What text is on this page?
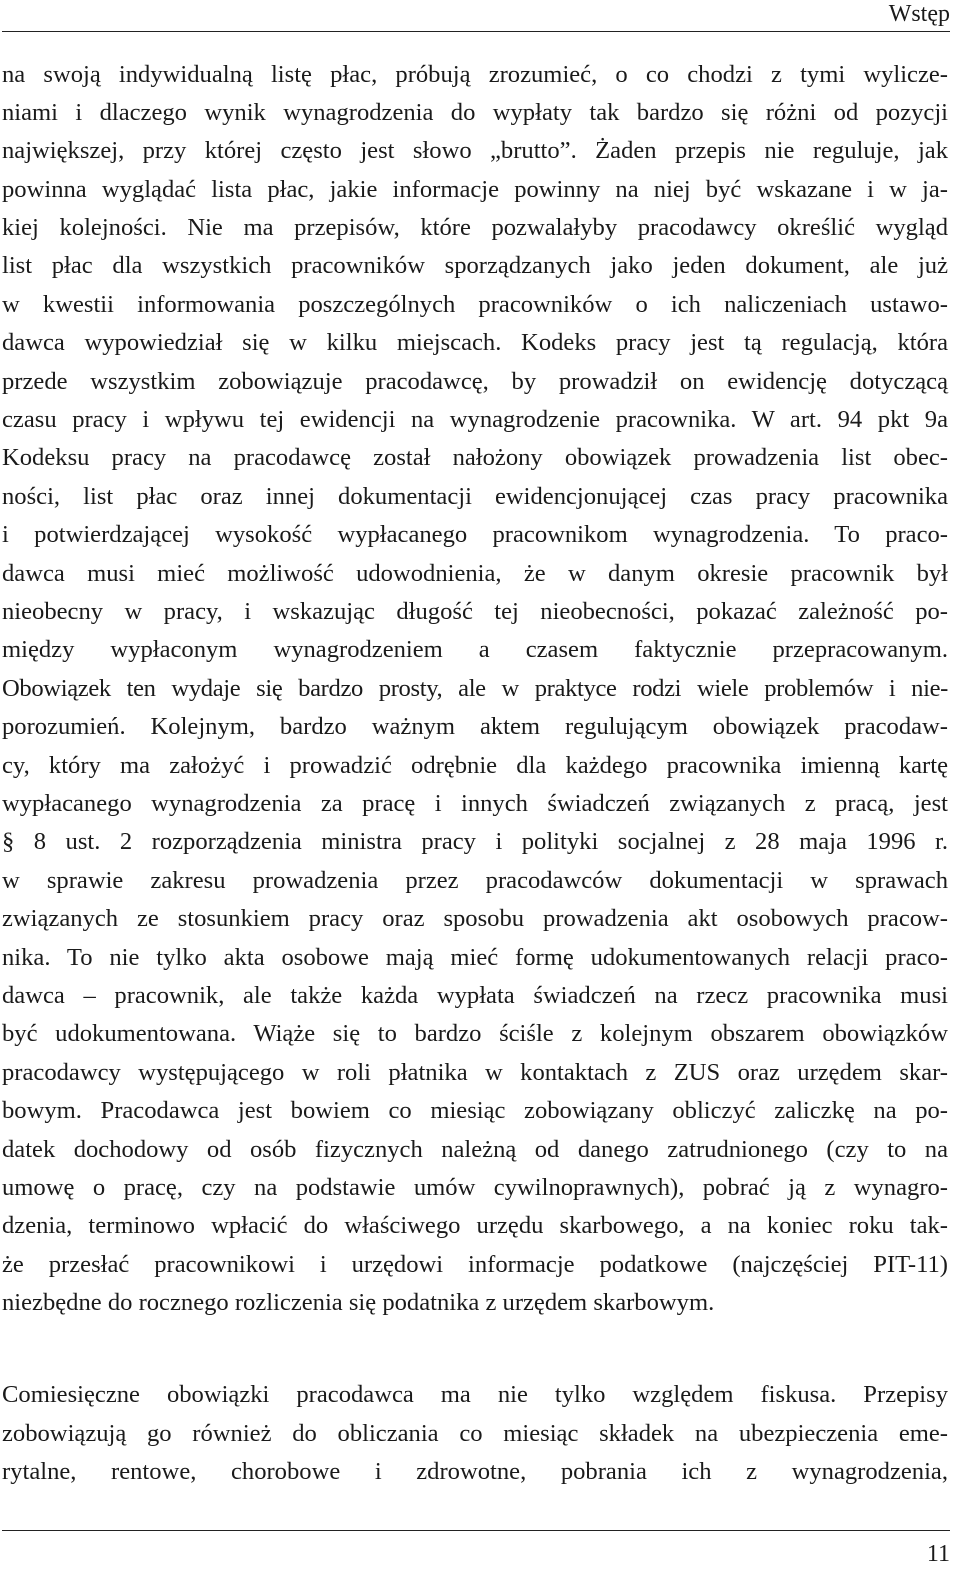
Wstęp
na swoją indywidualną listę płac, próbują zrozumieć, o co chodzi z tymi wylicze-
niami i dlaczego wynik wynagrodzenia do wypłaty tak bardzo się różni od pozycji
największej, przy której często jest słowo „brutto”. Żaden przepis nie reguluje, jak
powinna wyglądać lista płac, jakie informacje powinny na niej być wskazane i w ja-
kiej kolejności. Nie ma przepisów, które pozwalałyby pracodawcy określić wygląd
list płac dla wszystkich pracowników sporządzanych jako jeden dokument, ale już
w kwestii informowania poszczególnych pracowników o ich naliczeniach ustawo-
dawca wypowiedział się w kilku miejscach. Kodeks pracy jest tą regulacją, która
przede wszystkim zobowiązuje pracodawcę, by prowadził on ewidencję dotyczącą
czasu pracy i wpływu tej ewidencji na wynagrodzenie pracownika. W art. 94 pkt 9a
Kodeksu pracy na pracodawcę został nałożony obowiązek prowadzenia list obec-
ności, list płac oraz innej dokumentacji ewidencjonującej czas pracy pracownika
i potwierdzającej wysokość wypłacanego pracownikom wynagrodzenia. To praco-
dawca musi mieć możliwość udowodnienia, że w danym okresie pracownik był
nieobecny w pracy, i wskazując długość tej nieobecności, pokazać zależność po-
między wypłaconym wynagrodzeniem a czasem faktycznie przepracowanym.
Obowiązek ten wydaje się bardzo prosty, ale w praktyce rodzi wiele problemów i nie-
porozumień. Kolejnym, bardzo ważnym aktem regulującym obowiązek pracodaw-
cy, który ma założyć i prowadzić odrębnie dla każdego pracownika imienną kartę
wypłacanego wynagrodzenia za pracę i innych świadczeń związanych z pracą, jest
§ 8 ust. 2 rozporządzenia ministra pracy i polityki socjalnej z 28 maja 1996 r.
w sprawie zakresu prowadzenia przez pracodawców dokumentacji w sprawach
związanych ze stosunkiem pracy oraz sposobu prowadzenia akt osobowych pracow-
nika. To nie tylko akta osobowe mają mieć formę udokumentowanych relacji praco-
dawca – pracownik, ale także każda wypłata świadczeń na rzecz pracownika musi
być udokumentowana. Wiąże się to bardzo ściśle z kolejnym obszarem obowiązków
pracodawcy występującego w roli płatnika w kontaktach z ZUS oraz urzędem skar-
bowym. Pracodawca jest bowiem co miesiąc zobowiązany obliczyć zaliczkę na po-
datek dochodowy od osób fizycznych należną od danego zatrudnionego (czy to na
umowę o pracę, czy na podstawie umów cywilnoprawnych), pobrać ją z wynagro-
dzenia, terminowo wpłacić do właściwego urzędu skarbowego, a na koniec roku tak-
że przesłać pracownikowi i urzędowi informacje podatkowe (najczęściej PIT-11)
niezbędne do rocznego rozliczenia się podatnika z urzędem skarbowym.
Comiesięczne obowiązki pracodawca ma nie tylko względem fiskusa. Przepisy
zobowiązują go również do obliczania co miesiąc składek na ubezpieczenia eme-
rytalne, rentowe, chorobowe i zdrowotne, pobrania ich z wynagrodzenia,
11
